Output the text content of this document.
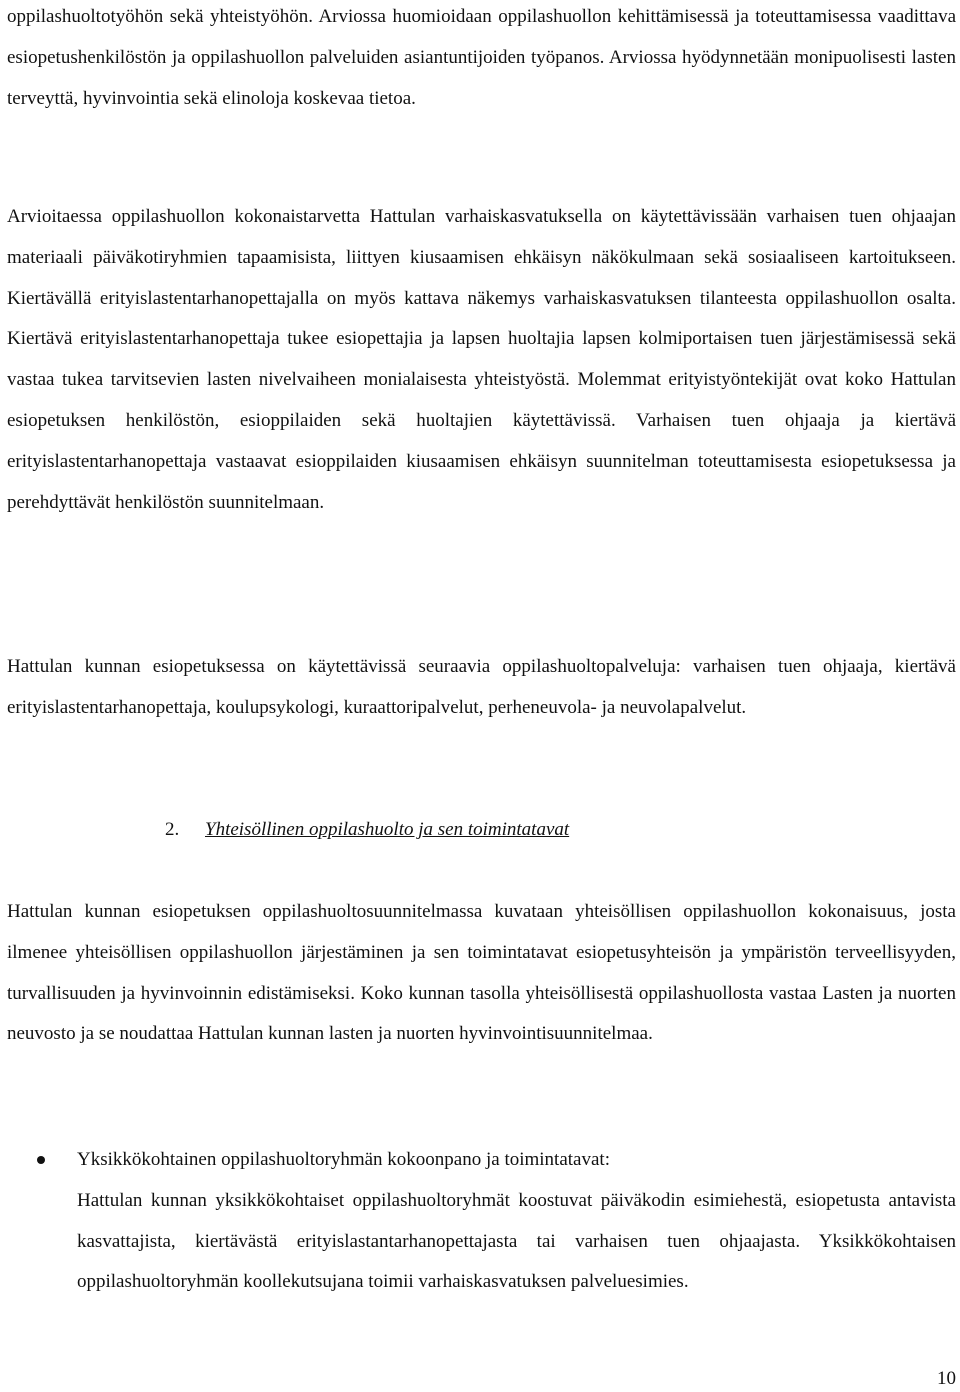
oppilashuoltotyöhön sekä yhteistyöhön. Arviossa huomioidaan oppilashuollon kehittämisessä ja toteuttamisessa vaadittava esiopetushenkilöstön ja oppilashuollon palveluiden asiantuntijoiden työpanos. Arviossa hyödynnetään monipuolisesti lasten terveyttä, hyvinvointia sekä elinoloja koskevaa tietoa.

Arvioitaessa oppilashuollon kokonaistarvetta Hattulan varhaiskasvatuksella on käytettävissään varhaisen tuen ohjaajan materiaali päiväkotiryhmien tapaamisista, liittyen kiusaamisen ehkäisyn näkökulmaan sekä sosiaaliseen kartoitukseen. Kiertävällä erityislastentarhanopettajalla on myös kattava näkemys varhaiskasvatuksen tilanteesta oppilashuollon osalta. Kiertävä erityislastentarhanopettaja tukee esiopettajia ja lapsen huoltajia lapsen kolmiportaisen tuen järjestämisessä sekä vastaa tukea tarvitsevien lasten nivelvaiheen monialaisesta yhteistyöstä. Molemmat erityistyöntekijät ovat koko Hattulan esiopetuksen henkilöstön, esioppilaiden sekä huoltajien käytettävissä. Varhaisen tuen ohjaaja ja kiertävä erityislastentarhanopettaja vastaavat esioppilaiden kiusaamisen ehkäisyn suunnitelman toteuttamisesta esiopetuksessa ja perehdyttävät henkilöstön suunnitelmaan.

Hattulan kunnan esiopetuksessa on käytettävissä seuraavia oppilashuoltopalveluja: varhaisen tuen ohjaaja, kiertävä erityislastentarhanopettaja, koulupsykologi, kuraattoripalvelut, perheneuvola- ja neuvolapalvelut.

2. Yhteisöllinen oppilashuolto ja sen toimintatavat

Hattulan kunnan esiopetuksen oppilashuoltosuunnitelmassa kuvataan yhteisöllisen oppilashuollon kokonaisuus, josta ilmenee yhteisöllisen oppilashuollon järjestäminen ja sen toimintatavat esiopetusyhteisön ja ympäristön terveellisyyden, turvallisuuden ja hyvinvoinnin edistämiseksi. Koko kunnan tasolla yhteisöllisestä oppilashuollosta vastaa Lasten ja nuorten neuvosto ja se noudattaa Hattulan kunnan lasten ja nuorten hyvinvointisuunnitelmaa.

Yksikkökohtainen oppilashuoltoryhmän kokoonpano ja toimintatavat:

Hattulan kunnan yksikkökohtaiset oppilashuoltoryhmät koostuvat päiväkodin esimiehestä, esiopetusta antavista kasvattajista, kiertävästä erityislastantarhanopettajasta tai varhaisen tuen ohjaajasta. Yksikkökohtaisen oppilashuoltoryhmän koollekutsujana toimii varhaiskasvatuksen palveluesimies.

10
